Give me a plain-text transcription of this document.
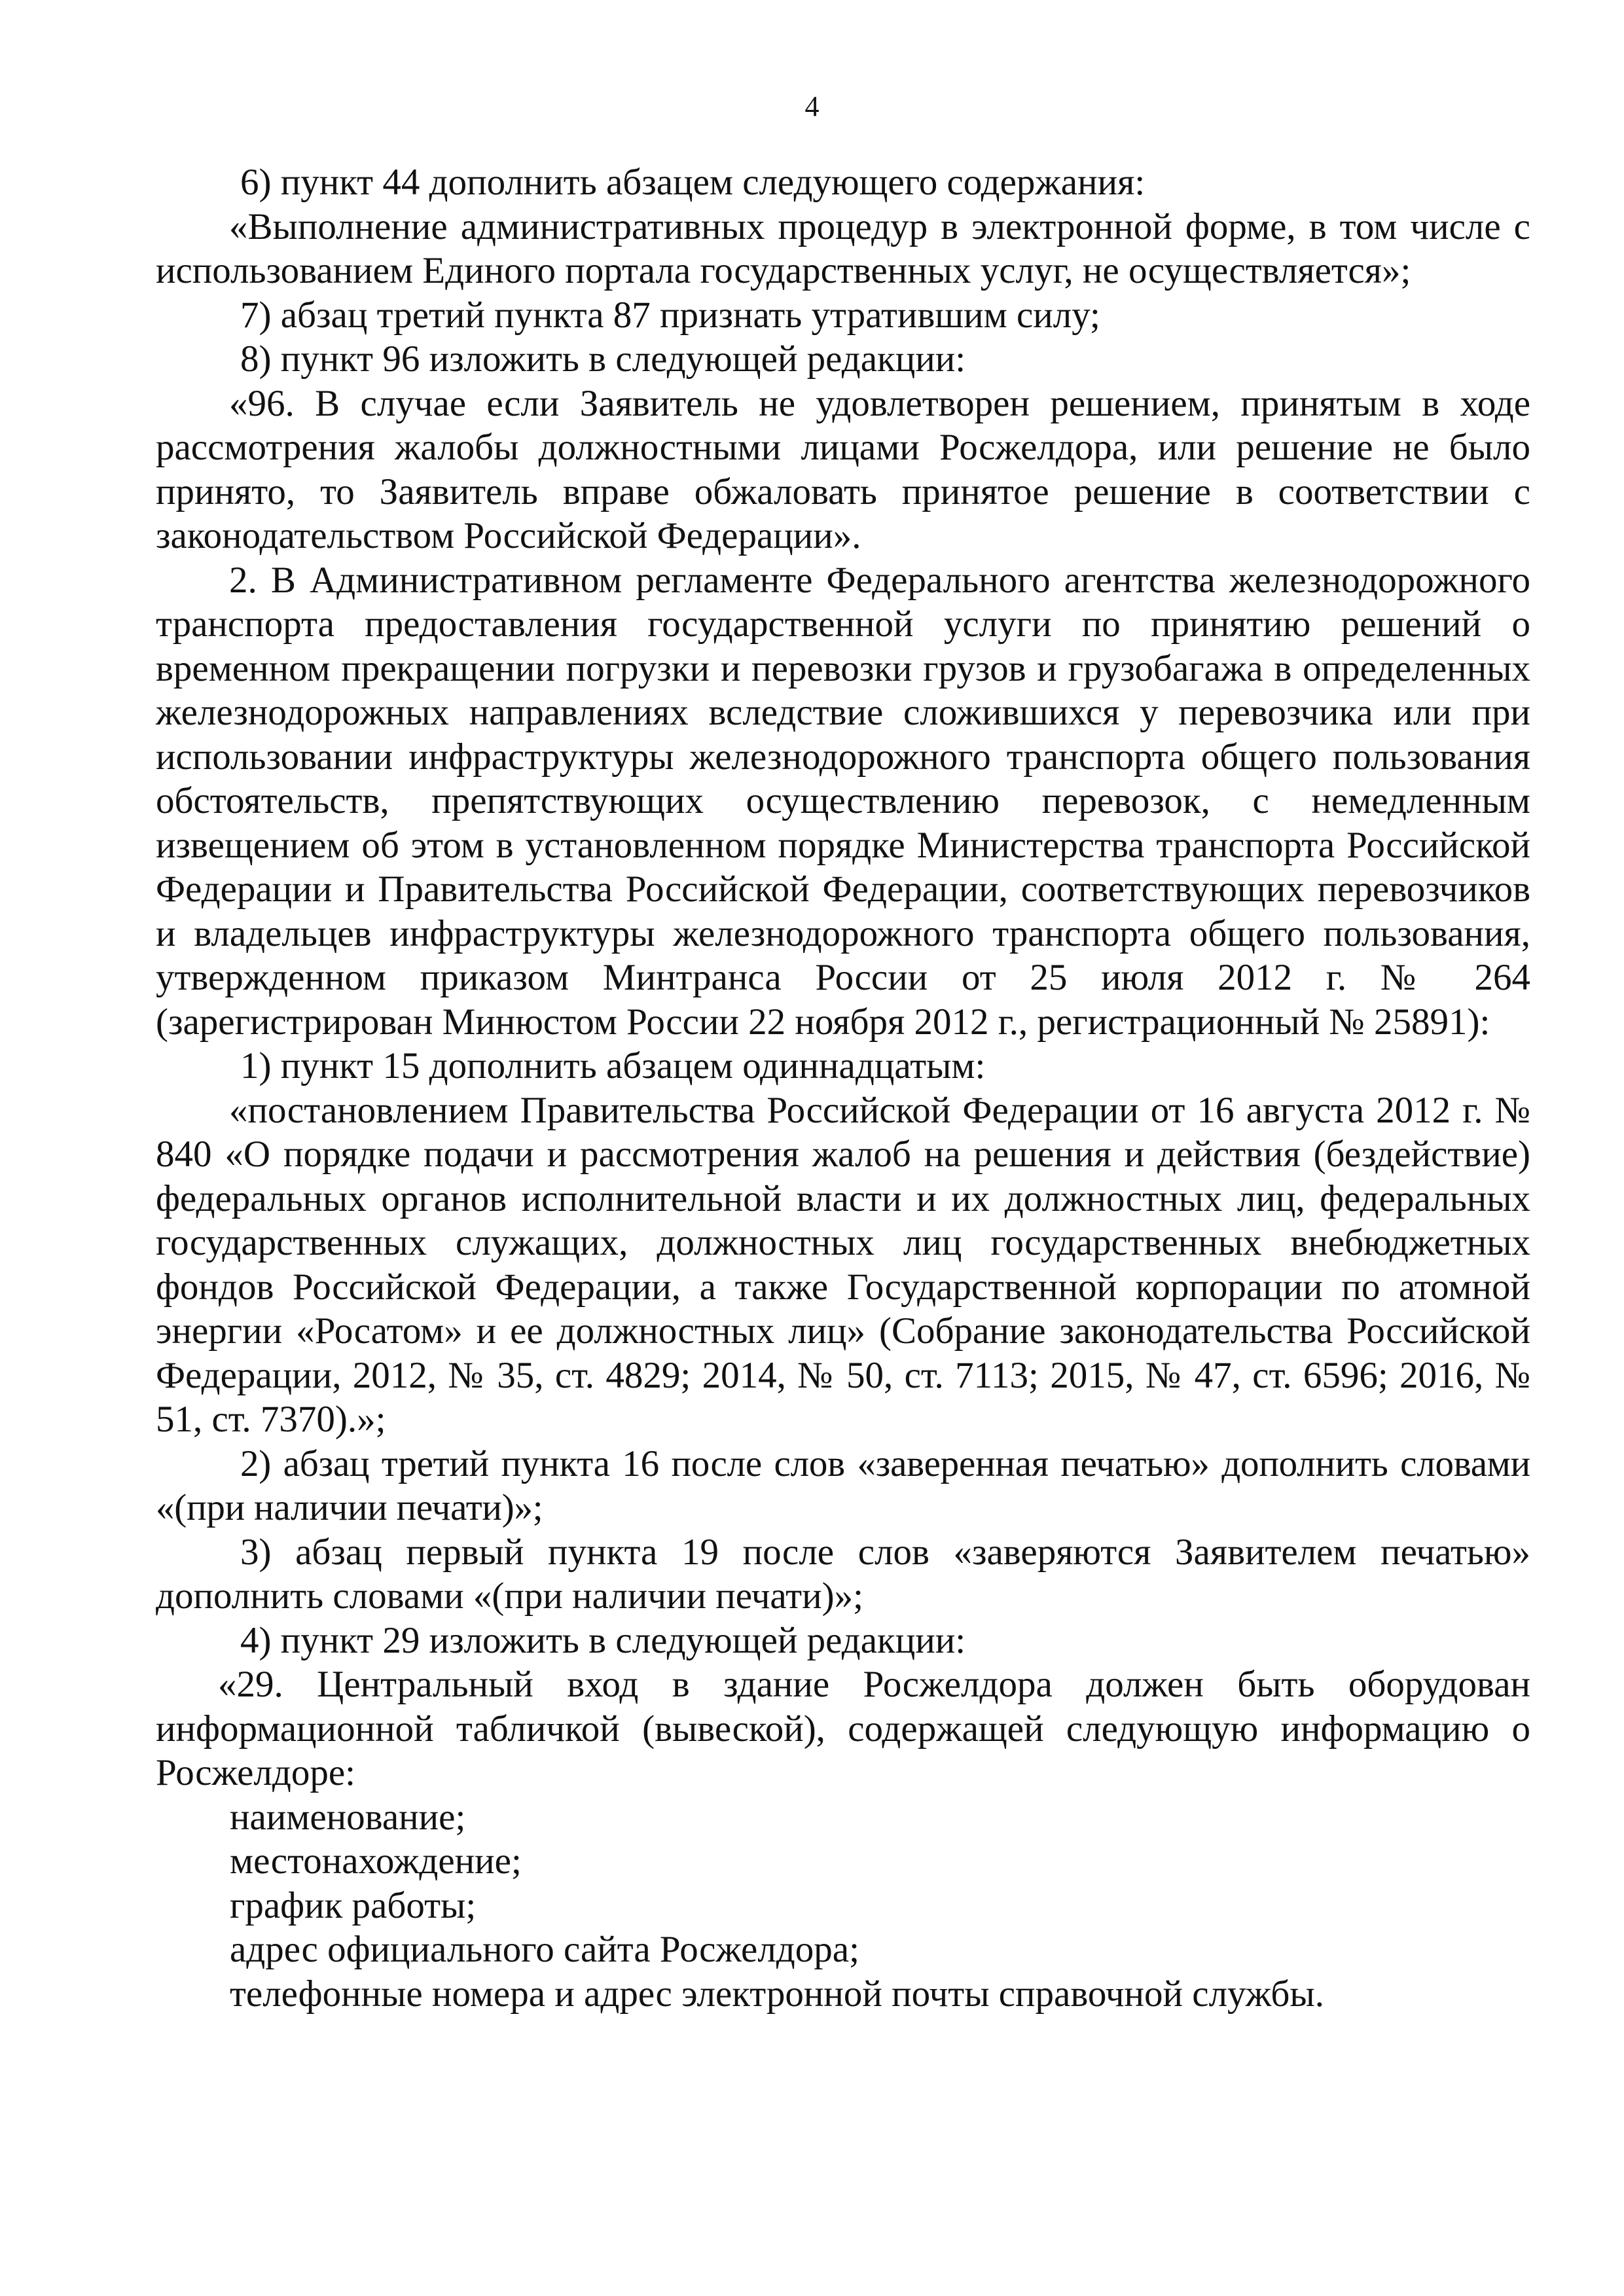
4

6) пункт 44 дополнить абзацем следующего содержания:

«Выполнение административных процедур в электронной форме, в том числе с использованием Единого портала государственных услуг, не осуществляется»;

7) абзац третий пункта 87 признать утратившим силу;

8) пункт 96 изложить в следующей редакции:

«96. В случае если Заявитель не удовлетворен решением, принятым в ходе рассмотрения жалобы должностными лицами Росжелдора, или решение не было принято, то Заявитель вправе обжаловать принятое решение в соответствии с законодательством Российской Федерации».

2. В Административном регламенте Федерального агентства железнодорожного транспорта предоставления государственной услуги по принятию решений о временном прекращении погрузки и перевозки грузов и грузобагажа в определенных железнодорожных направлениях вследствие сложившихся у перевозчика или при использовании инфраструктуры железнодорожного транспорта общего пользования обстоятельств, препятствующих осуществлению перевозок, с немедленным извещением об этом в установленном порядке Министерства транспорта Российской Федерации и Правительства Российской Федерации, соответствующих перевозчиков и владельцев инфраструктуры железнодорожного транспорта общего пользования, утвержденном приказом Минтранса России от 25 июля 2012 г. № 264 (зарегистрирован Минюстом России 22 ноября 2012 г., регистрационный № 25891):

1) пункт 15 дополнить абзацем одиннадцатым:

«постановлением Правительства Российской Федерации от 16 августа 2012 г. № 840 «О порядке подачи и рассмотрения жалоб на решения и действия (бездействие) федеральных органов исполнительной власти и их должностных лиц, федеральных государственных служащих, должностных лиц государственных внебюджетных фондов Российской Федерации, а также Государственной корпорации по атомной энергии «Росатом» и ее должностных лиц» (Собрание законодательства Российской Федерации, 2012, № 35, ст. 4829; 2014, № 50, ст. 7113; 2015, № 47, ст. 6596; 2016, № 51, ст. 7370).»;

2) абзац третий пункта 16 после слов «заверенная печатью» дополнить словами «(при наличии печати)»;

3) абзац первый пункта 19 после слов «заверяются Заявителем печатью» дополнить словами «(при наличии печати)»;

4) пункт 29 изложить в следующей редакции:

«29. Центральный вход в здание Росжелдора должен быть оборудован информационной табличкой (вывеской), содержащей следующую информацию о Росжелдоре:

наименование;

местонахождение;

график работы;

адрес официального сайта Росжелдора;

телефонные номера и адрес электронной почты справочной службы.
